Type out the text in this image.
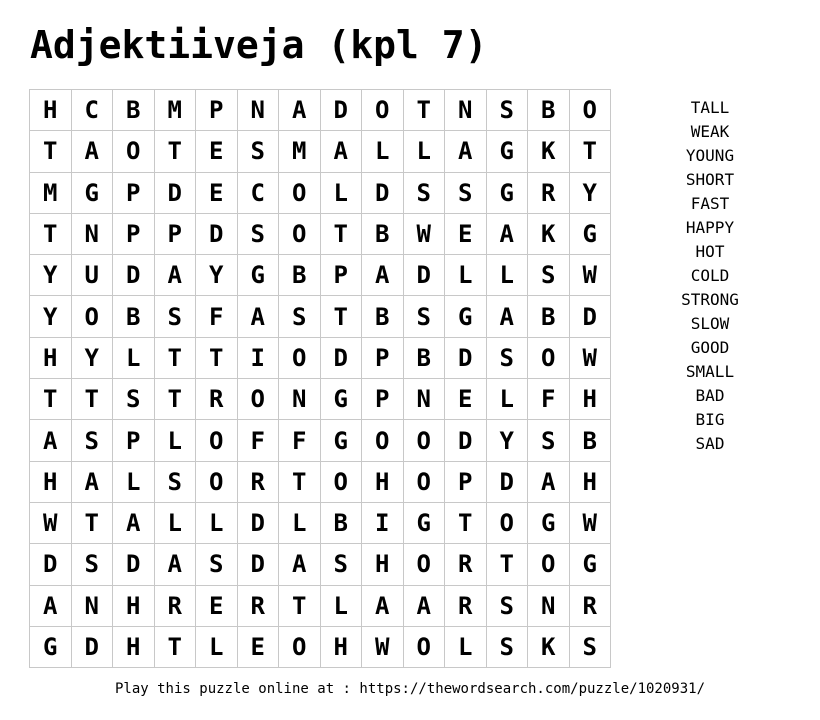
Adjektiiveja (kpl 7)
H	C	B	M	P	N	A	D	O	T	N	S	B	O
T	A	O	T	E	S	M	A	L	L	A	G	K	T
M	G	P	D	E	C	O	L	D	S	S	G	R	Y
T	N	P	P	D	S	O	T	B	W	E	A	K	G
Y	U	D	A	Y	G	B	P	A	D	L	L	S	W
Y	O	B	S	F	A	S	T	B	S	G	A	B	D
H	Y	L	T	T	I	O	D	P	B	D	S	O	W
T	T	S	T	R	O	N	G	P	N	E	L	F	H
A	S	P	L	O	F	F	G	O	O	D	Y	S	B
H	A	L	S	O	R	T	O	H	O	P	D	A	H
W	T	A	L	L	D	L	B	I	G	T	O	G	W
D	S	D	A	S	D	A	S	H	O	R	T	O	G
A	N	H	R	E	R	T	L	A	A	R	S	N	R
G	D	H	T	L	E	O	H	W	O	L	S	K	S
TALL
WEAK
YOUNG
SHORT
FAST
HAPPY
HOT
COLD
STRONG
SLOW
GOOD
SMALL
BAD
BIG
SAD
Play this puzzle online at : https://thewordsearch.com/puzzle/1020931/
